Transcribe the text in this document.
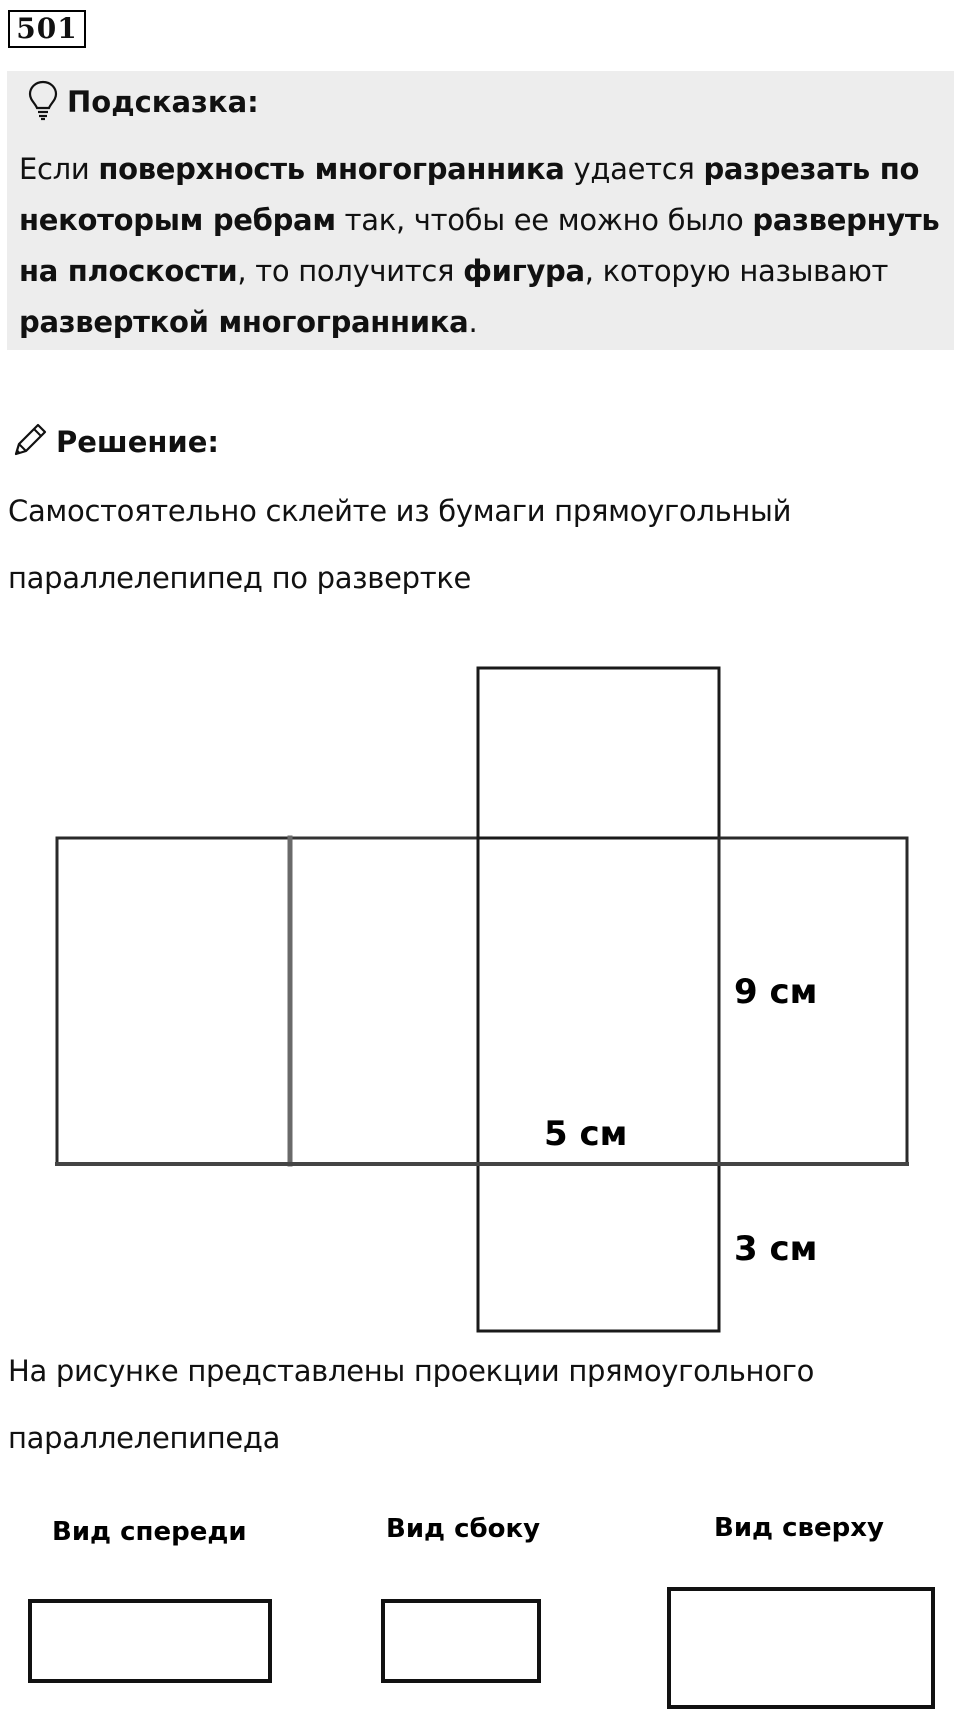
501
Подсказка:
Если поверхность многогранника удается разрезать по некоторым ребрам так, чтобы ее можно было развернуть на плоскости, то получится фигура, которую называют разверткой многогранника.
Решение:
Самостоятельно склейте из бумаги прямоугольный параллелепипед по развертке
9 см
5 см
3 см
Вид спереди	Вид сбоку	Вид сверху
На рисунке представлены проекции прямоугольного параллелепипеда
